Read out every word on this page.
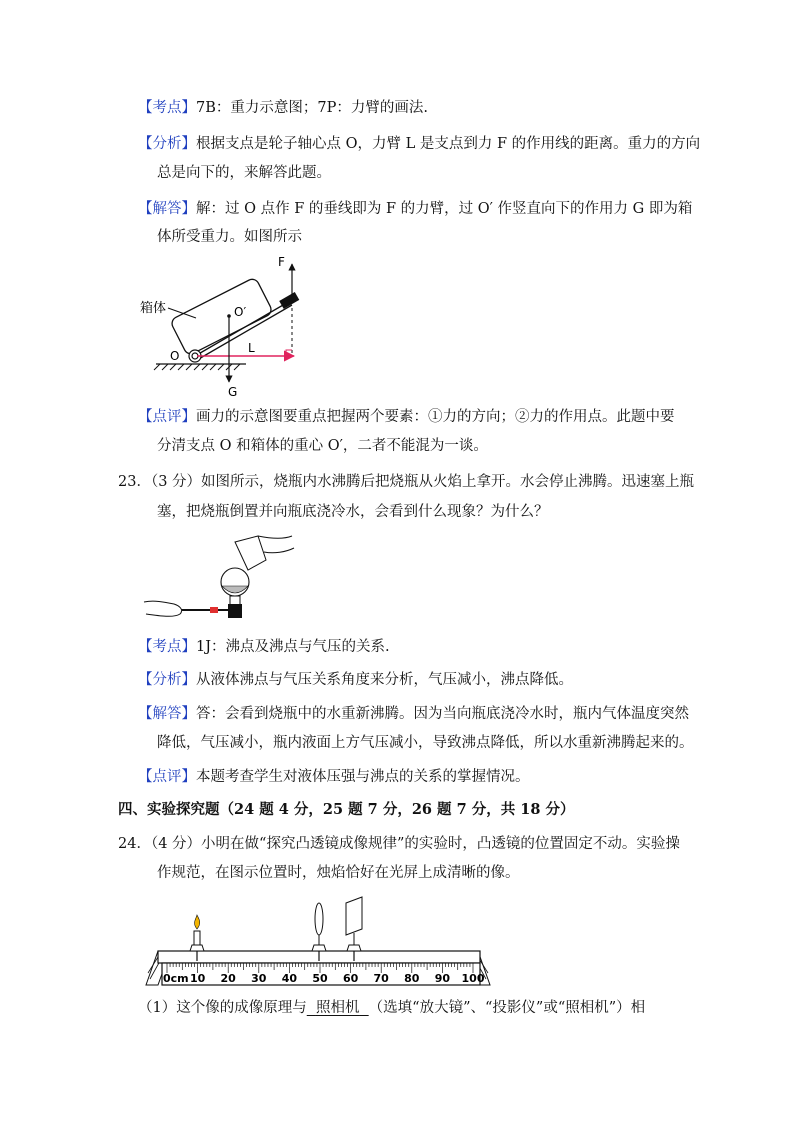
【考点】7B：重力示意图；7P：力臂的画法.
【分析】根据支点是轮子轴心点 O，力臂 L 是支点到力 F 的作用线的距离。重力的方向
总是向下的，来解答此题。
【解答】解：过 O 点作 F 的垂线即为 F 的力臂，过 O′ 作竖直向下的作用力 G 即为箱
体所受重力。如图所示
F
L
O′
G
O
箱体
【点评】画力的示意图要重点把握两个要素：①力的方向；②力的作用点。此题中要
分清支点 O 和箱体的重心 O′，二者不能混为一谈。
23．（3 分）如图所示，烧瓶内水沸腾后把烧瓶从火焰上拿开。水会停止沸腾。迅速塞上瓶
塞，把烧瓶倒置并向瓶底浇冷水，会看到什么现象？为什么？
【考点】1J：沸点及沸点与气压的关系.
【分析】从液体沸点与气压关系角度来分析，气压减小，沸点降低。
【解答】答：会看到烧瓶中的水重新沸腾。因为当向瓶底浇冷水时，瓶内气体温度突然
降低，气压减小，瓶内液面上方气压减小，导致沸点降低，所以水重新沸腾起来的。
【点评】本题考查学生对液体压强与沸点的关系的掌握情况。
四、实验探究题（24 题 4 分，25 题 7 分，26 题 7 分，共 18 分）
24．（4 分）小明在做“探究凸透镜成像规律”的实验时，凸透镜的位置固定不动。实验操
作规范，在图示位置时，烛焰恰好在光屏上成清晰的像。
0cm 10 20 30 40 50 60 70 80 90 100
（1）这个像的成像原理与 照相机 （选填“放大镜”、“投影仪”或“照相机”）相
